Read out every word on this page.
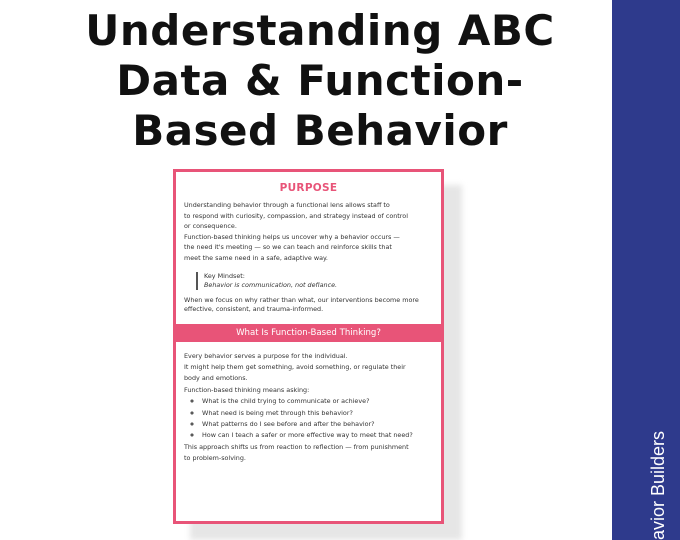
avior Builders
Understanding ABC
Data & Function-
Based Behavior
PURPOSE

Understanding behavior through a functional lens allows staff to

to respond with curiosity, compassion, and strategy instead of control

or consequence.

Function-based thinking helps us uncover why a behavior occurs —

the need it's meeting — so we can teach and reinforce skills that

meet the same need in a safe, adaptive way.

Key Mindset:
Behavior is communication, not defiance.
When we focus on why rather than what, our interventions become more
effective, consistent, and trauma-informed.
What Is Function-Based Thinking?

Every behavior serves a purpose for the individual.

It might help them get something, avoid something, or regulate their

body and emotions.

Function-based thinking means asking:

◦ What is the child trying to communicate or achieve?
◦ What need is being met through this behavior?
◦ What patterns do I see before and after the behavior?
◦ How can I teach a safer or more effective way to meet that need?

This approach shifts us from reaction to reflection — from punishment

to problem-solving.
